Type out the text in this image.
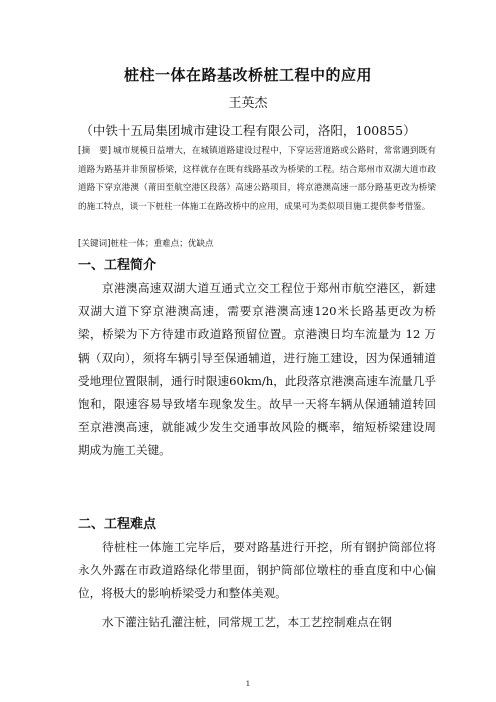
桩柱一体在路基改桥桩工程中的应用
王英杰
（中铁十五局集团城市建设工程有限公司，洛阳，100855）
[摘　要] 城市规模日益增大，在城镇道路建设过程中，下穿运营道路或公路时，常常遇到既有道路为路基并非预留桥梁，这样就存在既有线路基改为桥梁的工程。结合郑州市双湖大道市政道路下穿京港澳（莆田至航空港区段落）高速公路项目，将京港澳高速一部分路基更改为桥梁的施工特点，谈一下桩柱一体施工在路改桥中的应用，成果可为类似项目施工提供参考借鉴。
[关键词]桩柱一体；重难点；优缺点
一、工程简介
京港澳高速双湖大道互通式立交工程位于郑州市航空港区，新建双湖大道下穿京港澳高速，需要京港澳高速120米长路基更改为桥梁，桥梁为下方待建市政道路预留位置。京港澳日均车流量为 12 万辆（双向），须将车辆引导至保通辅道，进行施工建设，因为保通辅道受地理位置限制，通行时限速60km/h，此段落京港澳高速车流量几乎饱和，限速容易导致堵车现象发生。故早一天将车辆从保通辅道转回至京港澳高速，就能减少发生交通事故风险的概率，缩短桥梁建设周期成为施工关键。
二、工程难点
待桩柱一体施工完毕后，要对路基进行开挖，所有钢护筒部位将永久外露在市政道路绿化带里面，钢护筒部位墩柱的垂直度和中心偏位，将极大的影响桥梁受力和整体美观。
水下灌注钻孔灌注桩，同常规工艺，本工艺控制难点在钢
1
